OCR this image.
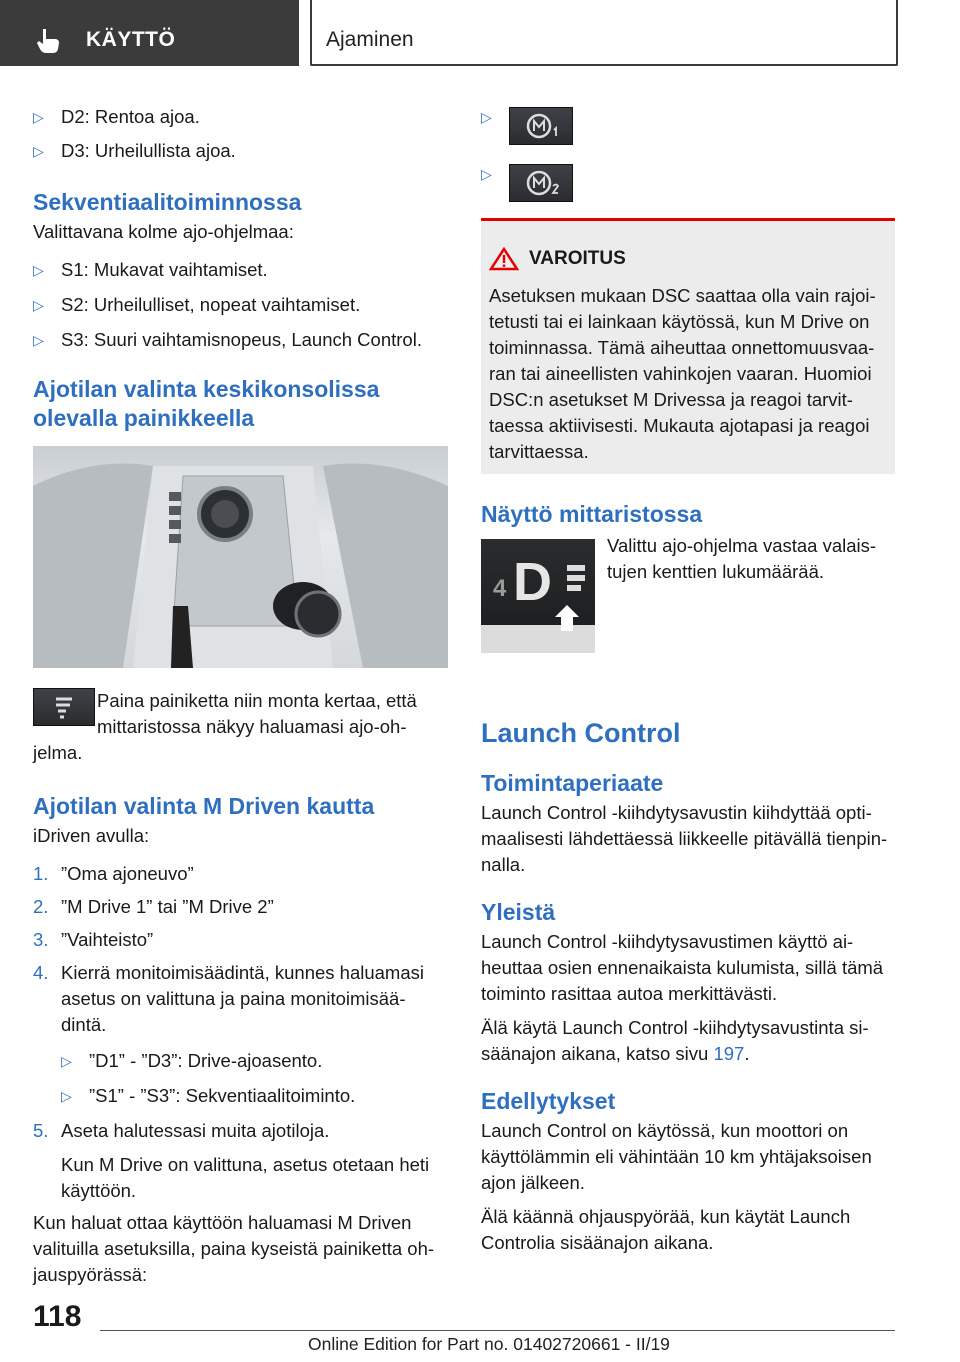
KÄYTTÖ	Ajaminen
▷ D2: Rentoa ajoa.
▷ D3: Urheilullista ajoa.
Sekventiaalitoiminnossa

Valittavana kolme ajo-ohjelmaa:

▷ S1: Mukavat vaihtamiset.
▷ S2: Urheilulliset, nopeat vaihtamiset.
▷ S3: Suuri vaihtamisnopeus, Launch Control.
Ajotilan valinta keskikonsolissa
olevalla painikkeella

Paina painiketta niin monta kertaa, että

mittaristossa näkyy haluamasi ajo-oh-

jelma.

Ajotilan valinta M Driven kautta

iDriven avulla:

1. ”Oma ajoneuvo”
2. ”M Drive 1” tai ”M Drive 2”
3. ”Vaihteisto”
4. Kierrä monitoimisäädintä, kunnes haluamasi
asetus on valittuna ja paina monitoimisää-
dintä.
▷ ”D1” - ”D3”: Drive-ajoasento.
▷ ”S1” - ”S3”: Sekventiaalitoiminto.
5. Aseta halutessasi muita ajotiloja.
Kun M Drive on valittuna, asetus otetaan heti
käyttöön.

Kun haluat ottaa käyttöön haluamasi M Driven
valituilla asetuksilla, paina kyseistä painiketta oh-
jauspyörässä:

▷
▷
VAROITUS

Asetuksen mukaan DSC saattaa olla vain rajoi-
tetusti tai ei lainkaan käytössä, kun M Drive on
toiminnassa. Tämä aiheuttaa onnettomuusvaa-
ran tai aineellisten vahinkojen vaaran. Huomioi
DSC:n asetukset M Drivessa ja reagoi tarvit-
taessa aktiivisesti. Mukauta ajotapasi ja reagoi
tarvittaessa.

Näyttö mittaristossa
4 D

Valittu ajo-ohjelma vastaa valais-

tujen kenttien lukumäärää.

Launch Control
Toimintaperiaate

Launch Control -kiihdytysavustin kiihdyttää opti-
maalisesti lähdettäessä liikkeelle pitävällä tienpin-
nalla.

Yleistä

Launch Control -kiihdytysavustimen käyttö ai-
heuttaa osien ennenaikaista kulumista, sillä tämä
toiminto rasittaa autoa merkittävästi.

Älä käytä Launch Control -kiihdytysavustinta si-
säänajon aikana, katso sivu 197.

Edellytykset

Launch Control on käytössä, kun moottori on
käyttölämmin eli vähintään 10 km yhtäjaksoisen
ajon jälkeen.

Älä käännä ohjauspyörää, kun käytät Launch
Controlia sisäänajon aikana.

118
Online Edition for Part no. 01402720661 - II/19
